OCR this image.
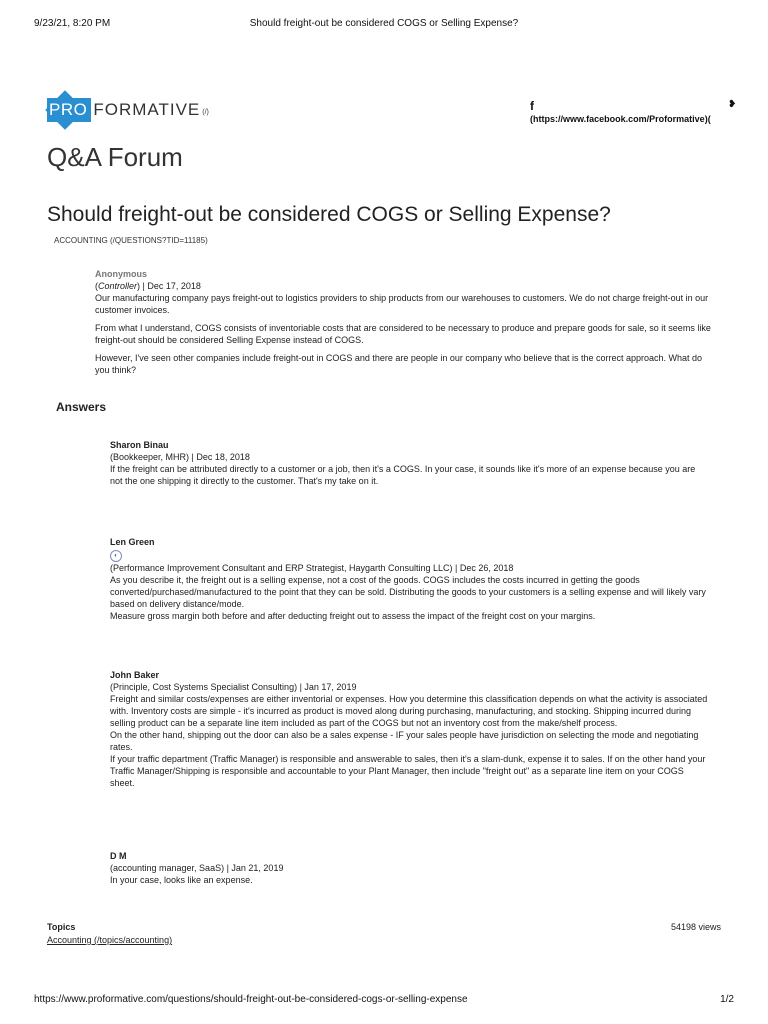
9/23/21, 8:20 PM	Should freight-out be considered COGS or Selling Expense?
PRO FORMATIVE (/)	f	❥
(https://www.facebook.com/Proformative)(
Q&A Forum
Should freight-out be considered COGS or Selling Expense?
ACCOUNTING (/QUESTIONS?TID=11185)
Anonymous
(Controller) | Dec 17, 2018

Our manufacturing company pays freight-out to logistics providers to ship products from our warehouses to customers. We do not charge freight-out in our customer invoices.

From what I understand, COGS consists of inventoriable costs that are considered to be necessary to produce and prepare goods for sale, so it seems like freight-out should be considered Selling Expense instead of COGS.

However, I've seen other companies include freight-out in COGS and there are people in our company who believe that is the correct approach. What do you think?

Answers
Sharon Binau
(Bookkeeper, MHR) | Dec 18, 2018

If the freight can be attributed directly to a customer or a job, then it's a COGS. In your case, it sounds like it's more of an expense because you are not the one shipping it directly to the customer. That's my take on it.

Len Green
◐
(Performance Improvement Consultant and ERP Strategist, Haygarth Consulting LLC) | Dec 26, 2018

As you describe it, the freight out is a selling expense, not a cost of the goods. COGS includes the costs incurred in getting the goods converted/purchased/manufactured to the point that they can be sold. Distributing the goods to your customers is a selling expense and will likely vary based on delivery distance/mode.

Measure gross margin both before and after deducting freight out to assess the impact of the freight cost on your margins.

John Baker
(Principle, Cost Systems Specialist Consulting) | Jan 17, 2019

Freight and similar costs/expenses are either inventorial or expenses. How you determine this classification depends on what the activity is associated with. Inventory costs are simple - it's incurred as product is moved along during purchasing, manufacturing, and stocking. Shipping incurred during selling product can be a separate line item included as part of the COGS but not an inventory cost from the make/shelf process.

On the other hand, shipping out the door can also be a sales expense - IF your sales people have jurisdiction on selecting the mode and negotiating rates.

If your traffic department (Traffic Manager) is responsible and answerable to sales, then it's a slam-dunk, expense it to sales. If on the other hand your Traffic Manager/Shipping is responsible and accountable to your Plant Manager, then include "freight out" as a separate line item on your COGS sheet.

D M
(accounting manager, SaaS) | Jan 21, 2019

In your case, looks like an expense.

Topics
Accounting (/topics/accounting)
54198 views
https://www.proformative.com/questions/should-freight-out-be-considered-cogs-or-selling-expense	1/2
